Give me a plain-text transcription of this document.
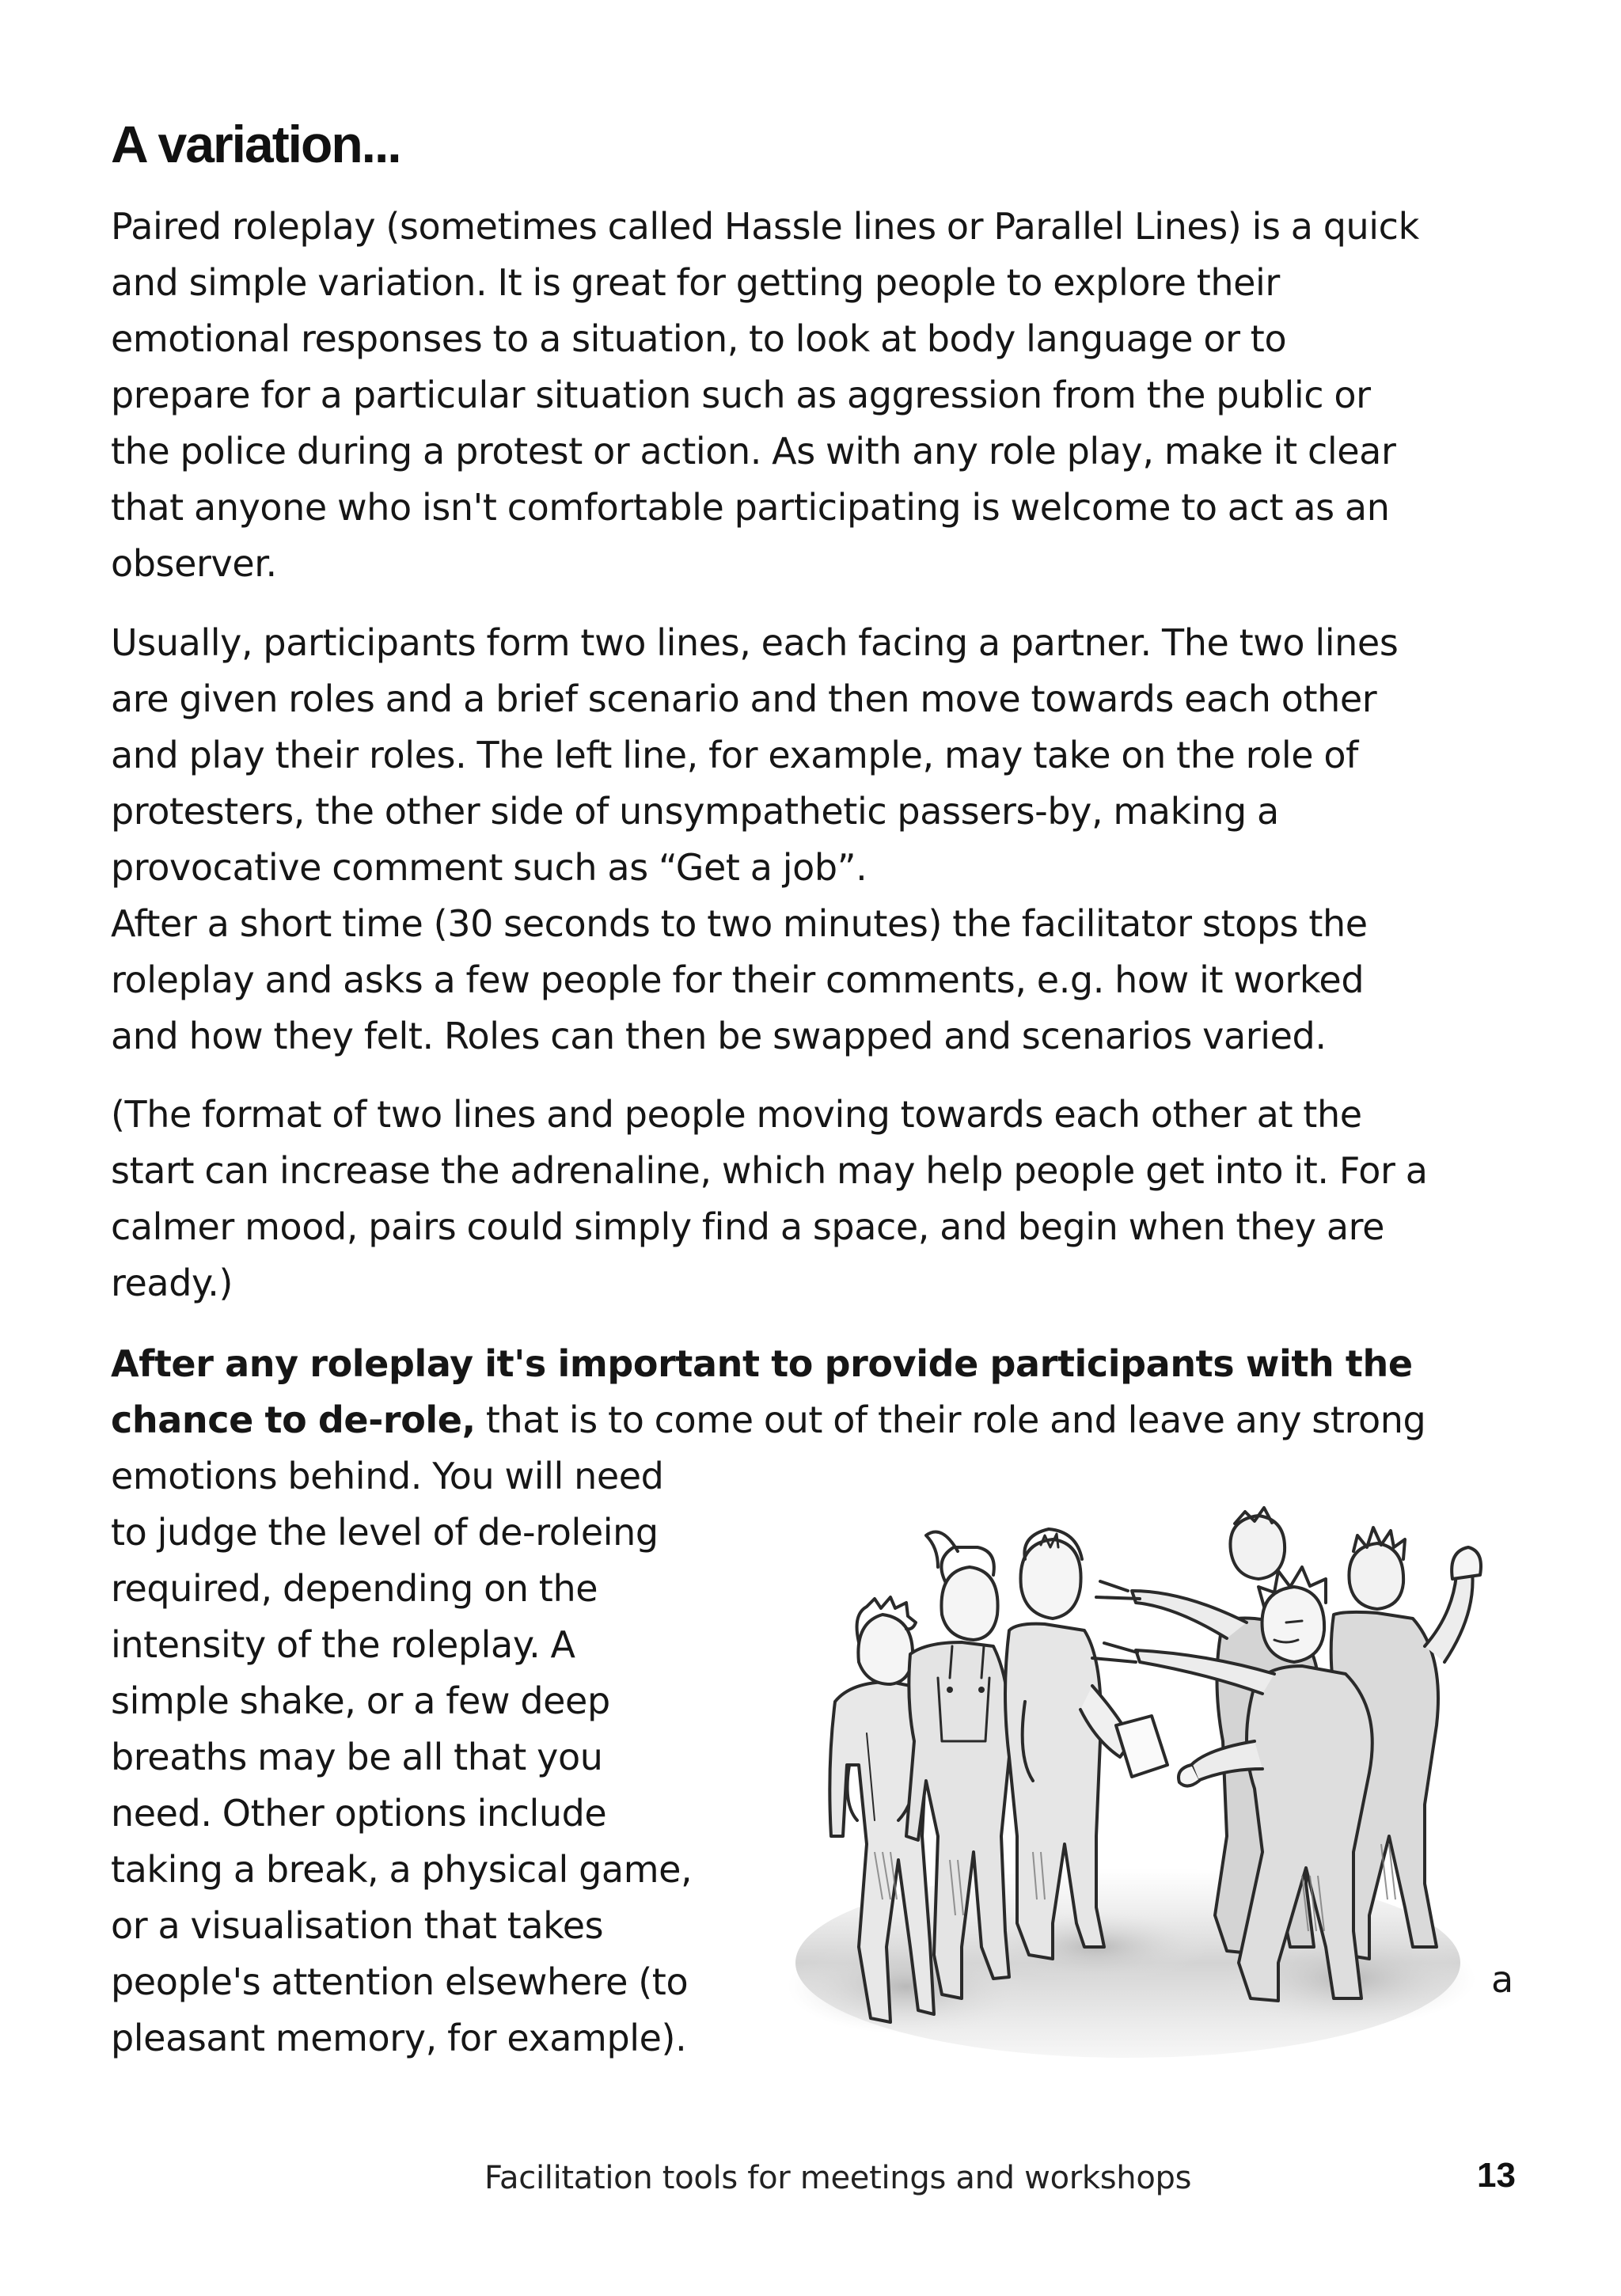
A variation...

Paired roleplay (sometimes called Hassle lines or Parallel Lines) is a quick
and simple variation. It is great for getting people to explore their
emotional responses to a situation, to look at body language or to
prepare for a particular situation such as aggression from the public or
the police during a protest or action. As with any role play, make it clear
that anyone who isn't comfortable participating is welcome to act as an
observer.

Usually, participants form two lines, each facing a partner. The two lines
are given roles and a brief scenario and then move towards each other
and play their roles. The left line, for example, may take on the role of
protesters, the other side of unsympathetic passers-by, making a
provocative comment such as “Get a job”.
After a short time (30 seconds to two minutes) the facilitator stops the
roleplay and asks a few people for their comments, e.g. how it worked
and how they felt. Roles can then be swapped and scenarios varied.

(The format of two lines and people moving towards each other at the
start can increase the adrenaline, which may help people get into it. For a
calmer mood, pairs could simply find a space, and begin when they are
ready.)

After any roleplay it's important to provide participants with the
chance to de-role, that is to come out of their role and leave any strong
emotions behind. You will need
to judge the level of de-roleing
required, depending on the
intensity of the roleplay. A
simple shake, or a few deep
breaths may be all that you
need. Other options include
taking a break, a physical game,
or a visualisation that takes
people's attention elsewhere (to
pleasant memory, for example).

a
Facilitation tools for meetings and workshops	13
